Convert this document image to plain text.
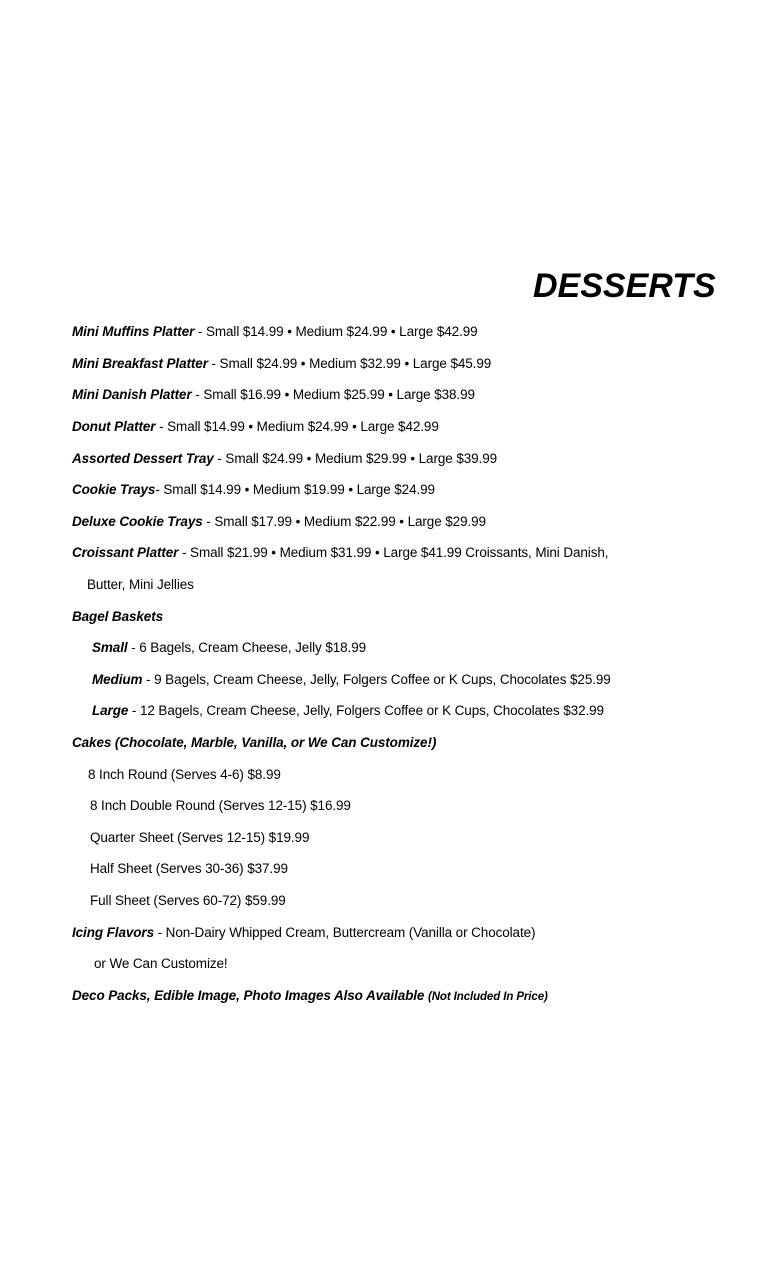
DESSERTS
Mini Muffins Platter - Small $14.99 • Medium $24.99 • Large $42.99
Mini Breakfast Platter - Small $24.99 • Medium $32.99 • Large $45.99
Mini Danish Platter - Small $16.99 • Medium $25.99 • Large $38.99
Donut Platter - Small $14.99 • Medium $24.99 • Large $42.99
Assorted Dessert Tray - Small $24.99 • Medium $29.99 • Large $39.99
Cookie Trays- Small $14.99 • Medium $19.99 • Large $24.99
Deluxe Cookie Trays - Small $17.99 • Medium $22.99 • Large $29.99
Croissant Platter - Small $21.99 • Medium $31.99 • Large $41.99 Croissants, Mini Danish,
Butter, Mini Jellies
Bagel Baskets
Small - 6 Bagels, Cream Cheese, Jelly $18.99
Medium - 9 Bagels, Cream Cheese, Jelly, Folgers Coffee or K Cups, Chocolates $25.99
Large - 12 Bagels, Cream Cheese, Jelly, Folgers Coffee or K Cups, Chocolates $32.99
Cakes (Chocolate, Marble, Vanilla, or We Can Customize!)
8 Inch Round (Serves 4-6) $8.99
8 Inch Double Round (Serves 12-15) $16.99
Quarter Sheet (Serves 12-15) $19.99
Half Sheet (Serves 30-36) $37.99
Full Sheet (Serves 60-72) $59.99
Icing Flavors - Non-Dairy Whipped Cream, Buttercream (Vanilla or Chocolate)
or We Can Customize!
Deco Packs, Edible Image, Photo Images Also Available (Not Included In Price)
